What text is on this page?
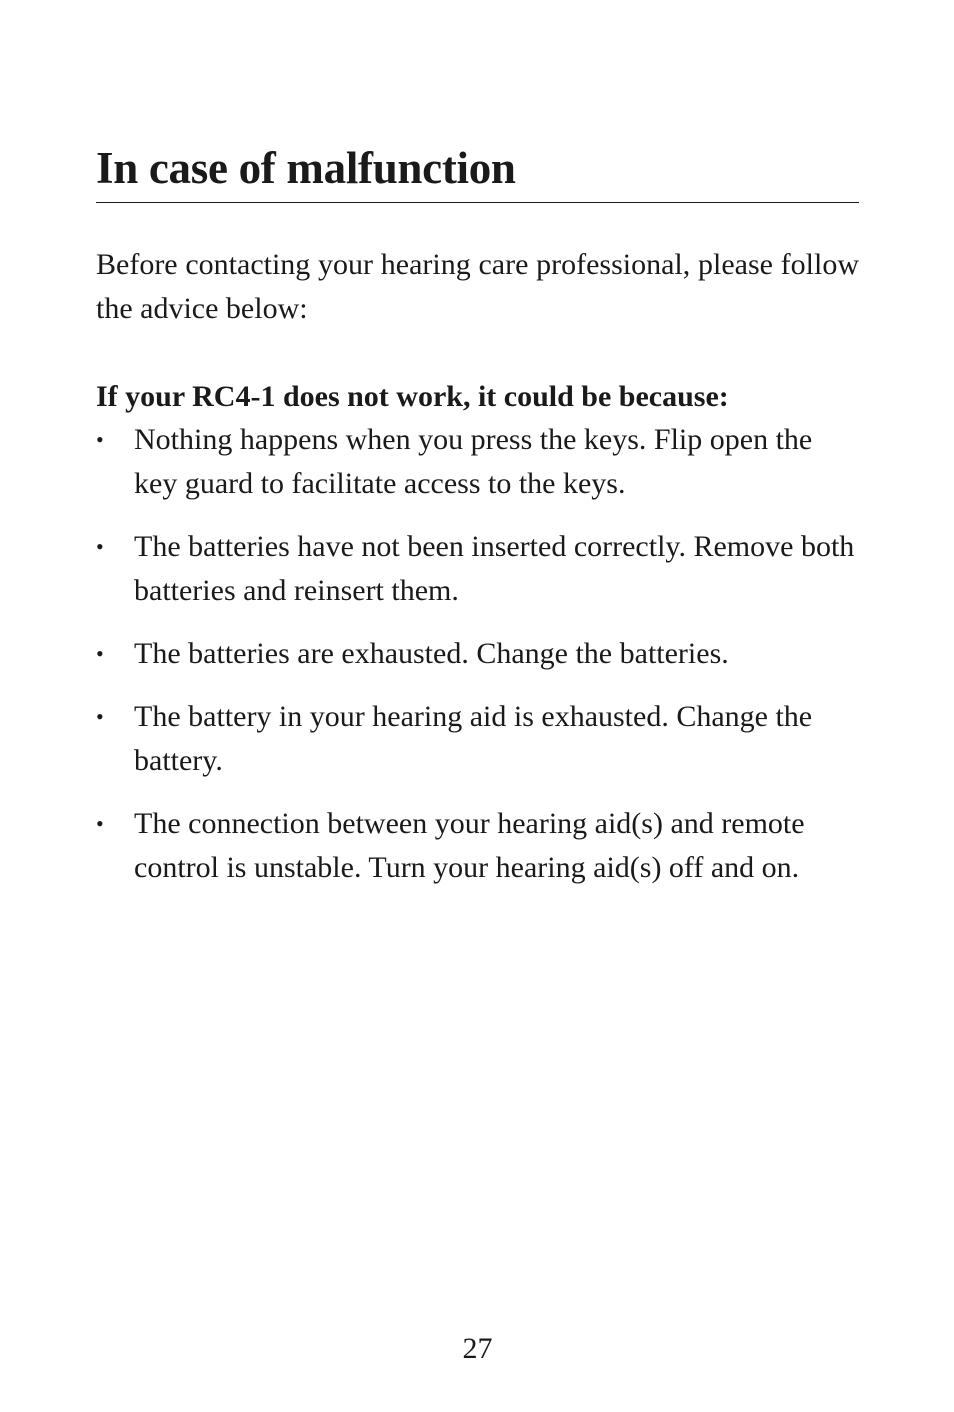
In case of malfunction

Before contacting your hearing care professional, please follow the advice below:

If your RC4-1 does not work, it could be because:

•	Nothing happens when you press the keys. Flip open the key guard to facilitate access to the keys.
•	The batteries have not been inserted correctly. Remove both batteries and reinsert them.
•	The batteries are exhausted. Change the batteries.
•	The battery in your hearing aid is exhausted. Change the battery.
•	The connection between your hearing aid(s) and remote control is unstable. Turn your hearing aid(s) off and on.

27
